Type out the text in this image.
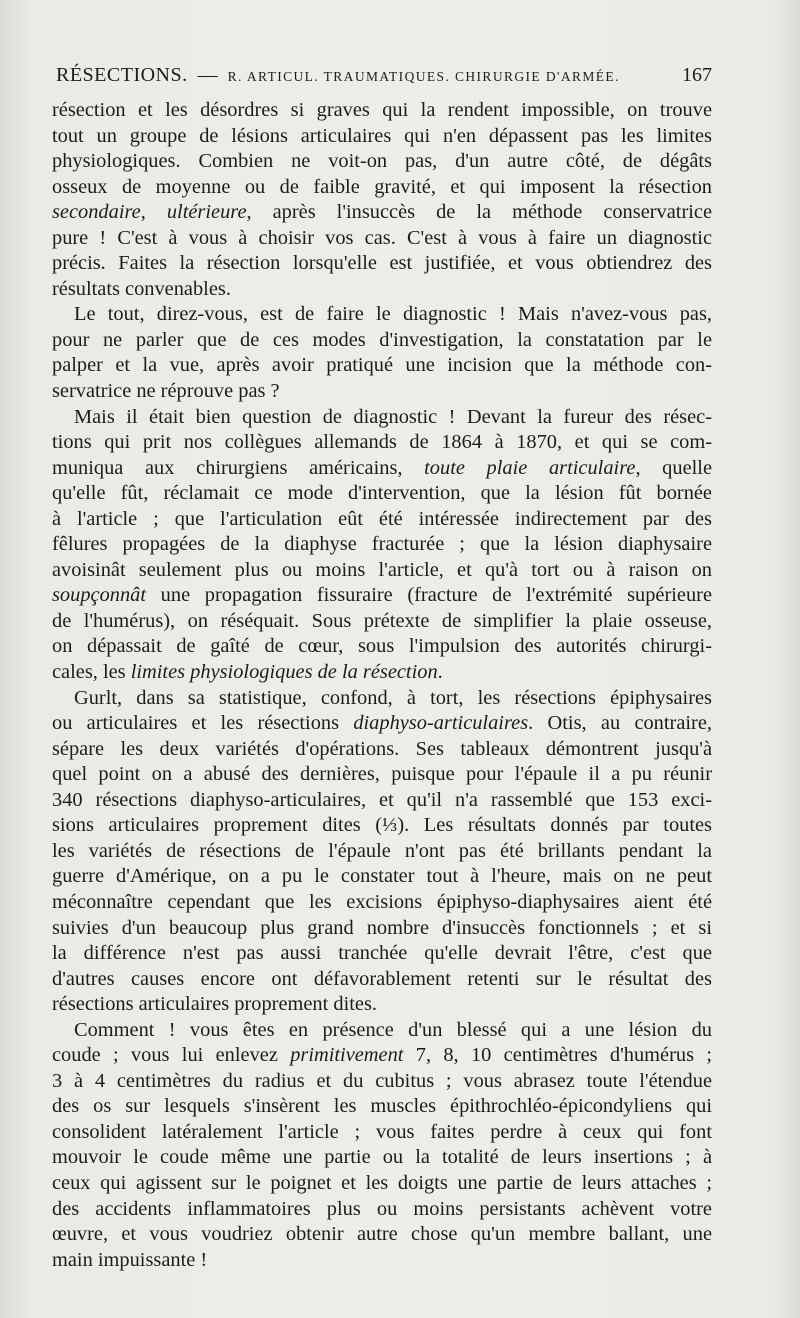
RÉSECTIONS. — R. ARTICUL. TRAUMATIQUES. CHIRURGIE D'ARMÉE.	167

résection et les désordres si graves qui la rendent impossible, on trouve

tout un groupe de lésions articulaires qui n'en dépassent pas les limites

physiologiques. Combien ne voit-on pas, d'un autre côté, de dégâts

osseux de moyenne ou de faible gravité, et qui imposent la résection

secondaire, ultérieure, après l'insuccès de la méthode conservatrice

pure ! C'est à vous à choisir vos cas. C'est à vous à faire un diagnostic

précis. Faites la résection lorsqu'elle est justifiée, et vous obtiendrez des

résultats convenables.

Le tout, direz-vous, est de faire le diagnostic ! Mais n'avez-vous pas,

pour ne parler que de ces modes d'investigation, la constatation par le

palper et la vue, après avoir pratiqué une incision que la méthode con-

servatrice ne réprouve pas ?

Mais il était bien question de diagnostic ! Devant la fureur des résec-

tions qui prit nos collègues allemands de 1864 à 1870, et qui se com-

muniqua aux chirurgiens américains, toute plaie articulaire, quelle

qu'elle fût, réclamait ce mode d'intervention, que la lésion fût bornée

à l'article ; que l'articulation eût été intéressée indirectement par des

fêlures propagées de la diaphyse fracturée ; que la lésion diaphysaire

avoisinât seulement plus ou moins l'article, et qu'à tort ou à raison on

soupçonnât une propagation fissuraire (fracture de l'extrémité supérieure

de l'humérus), on réséquait. Sous prétexte de simplifier la plaie osseuse,

on dépassait de gaîté de cœur, sous l'impulsion des autorités chirurgi-

cales, les limites physiologiques de la résection.

Gurlt, dans sa statistique, confond, à tort, les résections épiphysaires

ou articulaires et les résections diaphyso-articulaires. Otis, au contraire,

sépare les deux variétés d'opérations. Ses tableaux démontrent jusqu'à

quel point on a abusé des dernières, puisque pour l'épaule il a pu réunir

340 résections diaphyso-articulaires, et qu'il n'a rassemblé que 153 exci-

sions articulaires proprement dites (⅓). Les résultats donnés par toutes

les variétés de résections de l'épaule n'ont pas été brillants pendant la

guerre d'Amérique, on a pu le constater tout à l'heure, mais on ne peut

méconnaître cependant que les excisions épiphyso-diaphysaires aient été

suivies d'un beaucoup plus grand nombre d'insuccès fonctionnels ; et si

la différence n'est pas aussi tranchée qu'elle devrait l'être, c'est que

d'autres causes encore ont défavorablement retenti sur le résultat des

résections articulaires proprement dites.

Comment ! vous êtes en présence d'un blessé qui a une lésion du

coude ; vous lui enlevez primitivement 7, 8, 10 centimètres d'humérus ;

3 à 4 centimètres du radius et du cubitus ; vous abrasez toute l'étendue

des os sur lesquels s'insèrent les muscles épithrochléo-épicondyliens qui

consolident latéralement l'article ; vous faites perdre à ceux qui font

mouvoir le coude même une partie ou la totalité de leurs insertions ; à

ceux qui agissent sur le poignet et les doigts une partie de leurs attaches ;

des accidents inflammatoires plus ou moins persistants achèvent votre

œuvre, et vous voudriez obtenir autre chose qu'un membre ballant, une

main impuissante !
